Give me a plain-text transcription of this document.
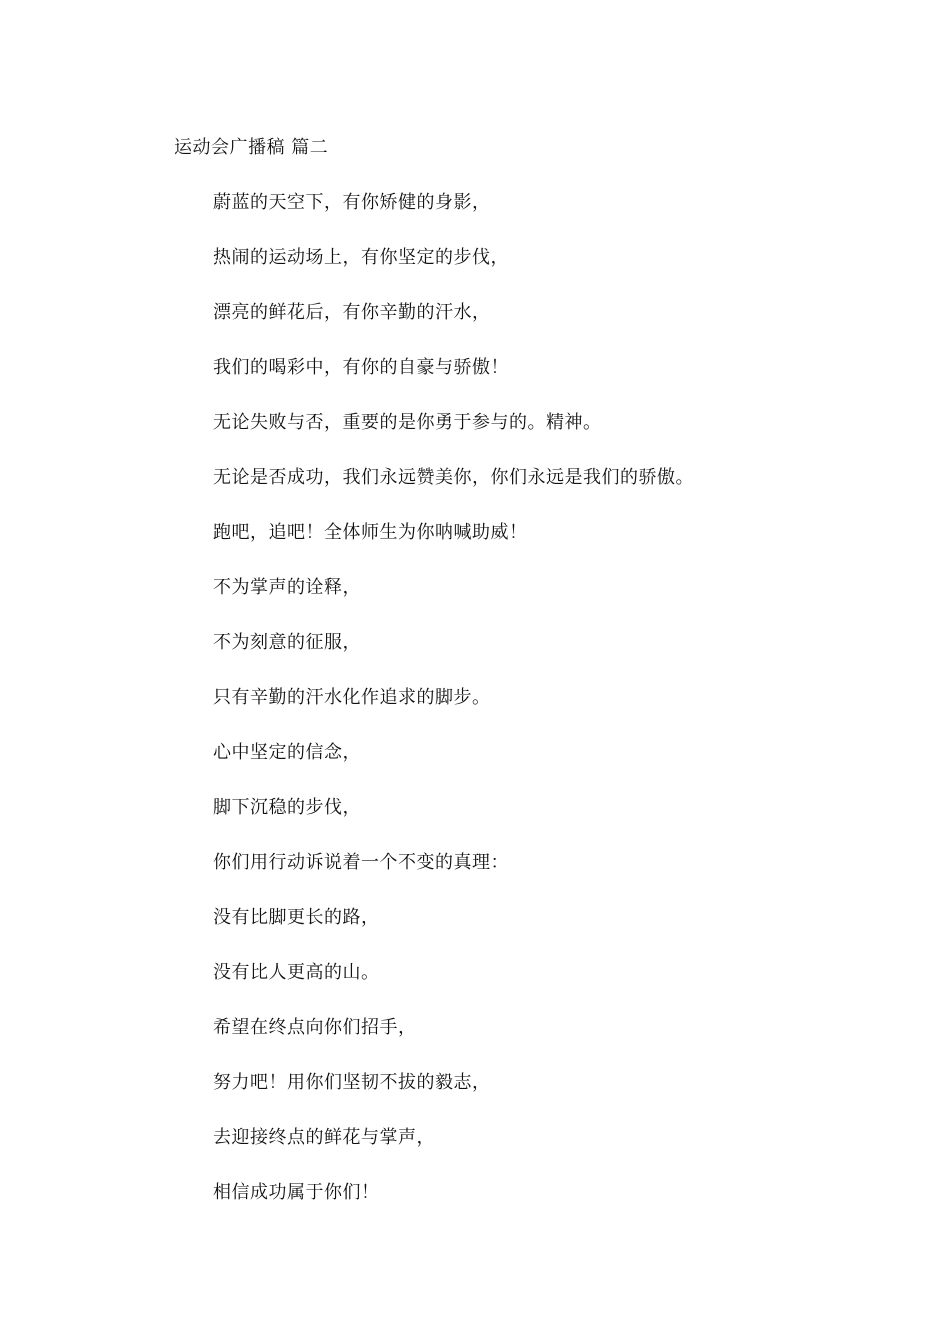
运动会广播稿 篇二
蔚蓝的天空下，有你矫健的身影，
热闹的运动场上，有你坚定的步伐，
漂亮的鲜花后，有你辛勤的汗水，
我们的喝彩中，有你的自豪与骄傲！
无论失败与否，重要的是你勇于参与的。精神。
无论是否成功，我们永远赞美你，你们永远是我们的骄傲。
跑吧，追吧！全体师生为你呐喊助威！
不为掌声的诠释，
不为刻意的征服，
只有辛勤的汗水化作追求的脚步。
心中坚定的信念，
脚下沉稳的步伐，
你们用行动诉说着一个不变的真理：
没有比脚更长的路，
没有比人更高的山。
希望在终点向你们招手，
努力吧！用你们坚韧不拔的毅志，
去迎接终点的鲜花与掌声，
相信成功属于你们！
